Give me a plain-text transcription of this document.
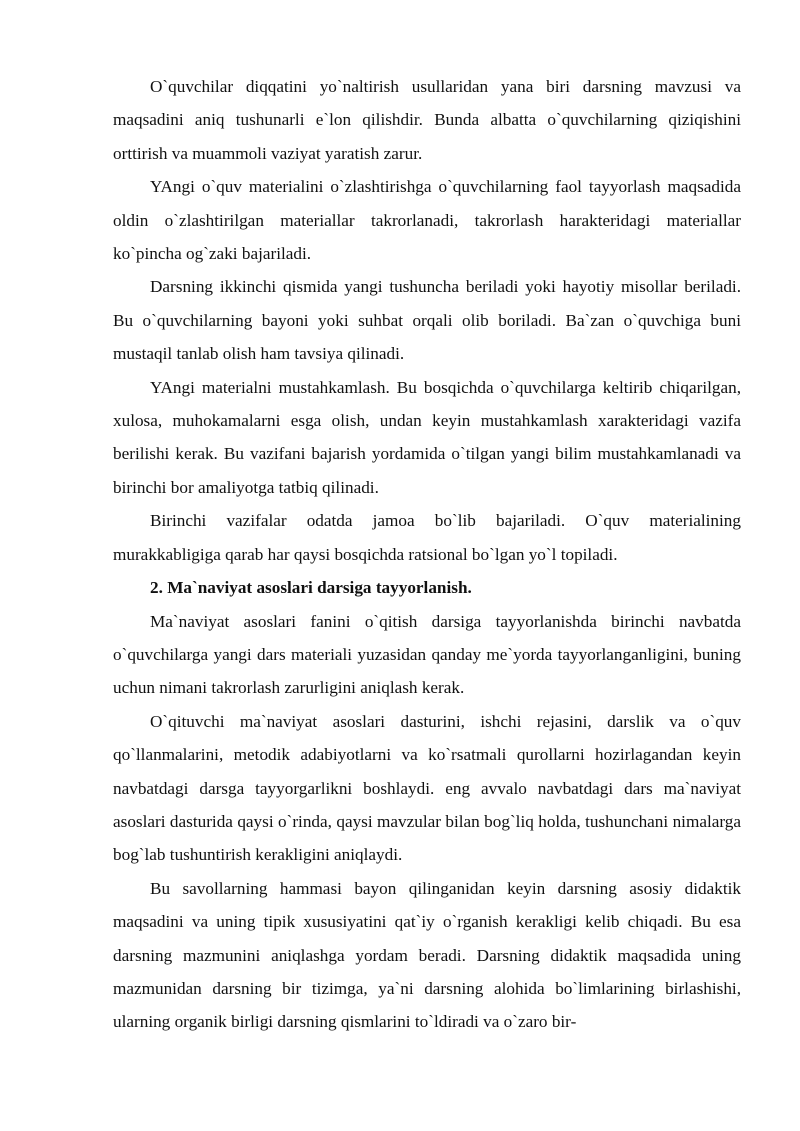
O`quvchilar diqqatini yo`naltirish usullaridan yana biri darsning mavzusi va maqsadini aniq tushunarli e`lon qilishdir. Bunda albatta o`quvchilarning qiziqishini orttirish va muammoli vaziyat yaratish zarur.

YAngi o`quv materialini o`zlashtirishga o`quvchilarning faol tayyorlash maqsadida oldin o`zlashtirilgan materiallar takrorlanadi, takrorlash harakteridagi materiallar ko`pincha og`zaki bajariladi.

Darsning ikkinchi qismida yangi tushuncha beriladi yoki hayotiy misollar beriladi. Bu o`quvchilarning bayoni yoki suhbat orqali olib boriladi. Ba`zan o`quvchiga buni mustaqil tanlab olish ham tavsiya qilinadi.

YAngi materialni mustahkamlash. Bu bosqichda o`quvchilarga keltirib chiqarilgan, xulosa, muhokamalarni esga olish, undan keyin mustahkamlash xarakteridagi vazifa berilishi kerak. Bu vazifani bajarish yordamida o`tilgan yangi bilim mustahkamlanadi va birinchi bor amaliyotga tatbiq qilinadi.

Birinchi vazifalar odatda jamoa bo`lib bajariladi. O`quv materialining murakkabligiga qarab har qaysi bosqichda ratsional bo`lgan yo`l topiladi.

2. Ma`naviyat asoslari darsiga tayyorlanish.

Ma`naviyat asoslari fanini o`qitish darsiga tayyorlanishda birinchi navbatda o`quvchilarga yangi dars materiali yuzasidan qanday me`yorda tayyorlanganligini, buning uchun nimani takrorlash zarurligini aniqlash kerak.

O`qituvchi ma`naviyat asoslari dasturini, ishchi rejasini, darslik va o`quv qo`llanmalarini, metodik adabiyotlarni va ko`rsatmali qurollarni hozirlagandan keyin navbatdagi darsga tayyorgarlikni boshlaydi. eng avvalo navbatdagi dars ma`naviyat asoslari dasturida qaysi o`rinda, qaysi mavzular bilan bog`liq holda, tushunchani nimalarga bog`lab tushuntirish kerakligini aniqlaydi.

Bu savollarning hammasi bayon qilinganidan keyin darsning asosiy didaktik maqsadini va uning tipik xususiyatini qat`iy o`rganish kerakligi kelib chiqadi. Bu esa darsning mazmunini aniqlashga yordam beradi. Darsning didaktik maqsadida uning mazmunidan darsning bir tizimga, ya`ni darsning alohida bo`limlarining birlashishi, ularning organik birligi darsning qismlarini to`ldiradi va o`zaro bir-
